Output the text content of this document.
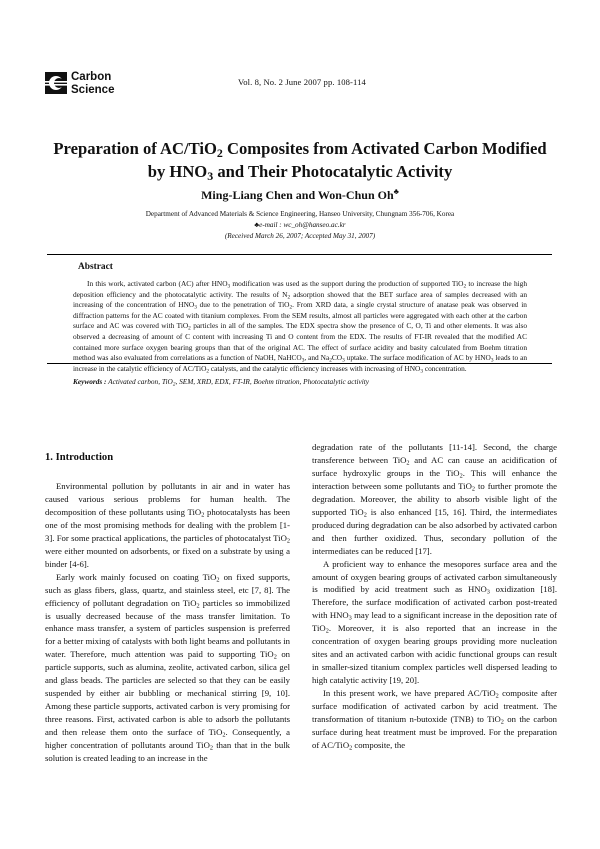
Carbon
Science
Vol. 8, No. 2 June 2007 pp. 108-114
Preparation of AC/TiO$_2$ Composites from Activated Carbon Modified
by $HNO_3$ and Their Photocatalytic Activity
Ming-Liang Chen and Won-Chun Oh♣
Department of Advanced Materials & Science Engineering, Hanseo University, Chungnam 356-706, Korea
♣e-mail : wc_oh@hanseo.ac.kr
(Received March 26, 2007; Accepted May 31, 2007)
Abstract

In this work, activated carbon (AC) after $HNO_3$ modification was used as the support during the production of supported TiO$_2$ to increase the high deposition efficiency and the photocatalytic activity. The results of $N_2$ adsorption showed that the BET surface area of samples decreased with an increasing of the concentration of $HNO_3$ due to the penetration of TiO$_2$. From XRD data, a single crystal structure of anatase peak was observed in diffraction patterns for the AC coated with titanium complexes. From the SEM results, almost all particles were aggregated with each other at the carbon surface and AC was covered with TiO$_2$ particles in all of the samples. The EDX spectra show the presence of C, O, Ti and other elements. It was also observed a decreasing of amount of C content with increasing Ti and O content from the EDX. The results of FT-IR revealed that the modified AC contained more surface oxygen bearing groups than that of the original AC. The effect of surface acidity and basity calculated from Boehm titration method was also evaluated from correlations as a function of NaOH, NaHCO$_3$, and $Na_2CO_3$ uptake. The surface modification of AC by $HNO_3$ leads to an increase in the catalytic efficiency of AC/TiO$_2$ catalysts, and the catalytic efficiency increases with increasing of $HNO_3$ concentration.

Keywords : Activated carbon, TiO$_2$, SEM, XRD, EDX, FT-IR, Boehm titration, Photocatalytic activity
1. Introduction

Environmental pollution by pollutants in air and in water has caused various serious problems for human health. The decomposition of these pollutants using TiO$_2$ photocatalysts has been one of the most promising methods for dealing with the problem [1-3]. For some practical applications, the particles of photocatalyst TiO$_2$ were either mounted on adsorbents, or fixed on a substrate by using a binder [4-6].

Early work mainly focused on coating TiO$_2$ on fixed supports, such as glass fibers, glass, quartz, and stainless steel, etc [7, 8]. The efficiency of pollutant degradation on TiO$_2$ particles so immobilized is usually decreased because of the mass transfer limitation. To enhance mass transfer, a system of particles suspension is preferred for a better mixing of catalysts with both light beams and pollutants in water. Therefore, much attention was paid to supporting TiO$_2$ on particle supports, such as alumina, zeolite, activated carbon, silica gel and glass beads. The particles are selected so that they can be easily suspended by either air bubbling or mechanical stirring [9, 10]. Among these particle supports, activated carbon is very promising for three reasons. First, activated carbon is able to adsorb the pollutants and then release them onto the surface of TiO$_2$. Consequently, a higher concentration of pollutants around TiO$_2$ than that in the bulk solution is created leading to an increase in the

degradation rate of the pollutants [11-14]. Second, the charge transference between TiO$_2$ and AC can cause an acidification of surface hydroxylic groups in the TiO$_2$. This will enhance the interaction between some pollutants and TiO$_2$ to further promote the degradation. Moreover, the ability to absorb visible light of the supported TiO$_2$ is also enhanced [15, 16]. Third, the intermediates produced during degradation can be also adsorbed by activated carbon and then further oxidized. Thus, secondary pollution of the intermediates can be reduced [17].

A proficient way to enhance the mesopores surface area and the amount of oxygen bearing groups of activated carbon simultaneously is modified by acid treatment such as $HNO_3$ oxidization [18]. Therefore, the surface modification of activated carbon post-treated with $HNO_3$ may lead to a significant increase in the deposition rate of TiO$_2$. Moreover, it is also reported that an increase in the concentration of oxygen bearing groups providing more nucleation sites and an activated carbon with acidic functional groups can result in smaller-sized titanium complex particles well dispersed leading to high catalytic activity [19, 20].

In this present work, we have prepared AC/TiO$_2$ composite after surface modification of activated carbon by acid treatment. The transformation of titanium n-butoxide (TNB) to TiO$_2$ on the carbon surface during heat treatment must be improved. For the preparation of AC/TiO$_2$ composite, the
